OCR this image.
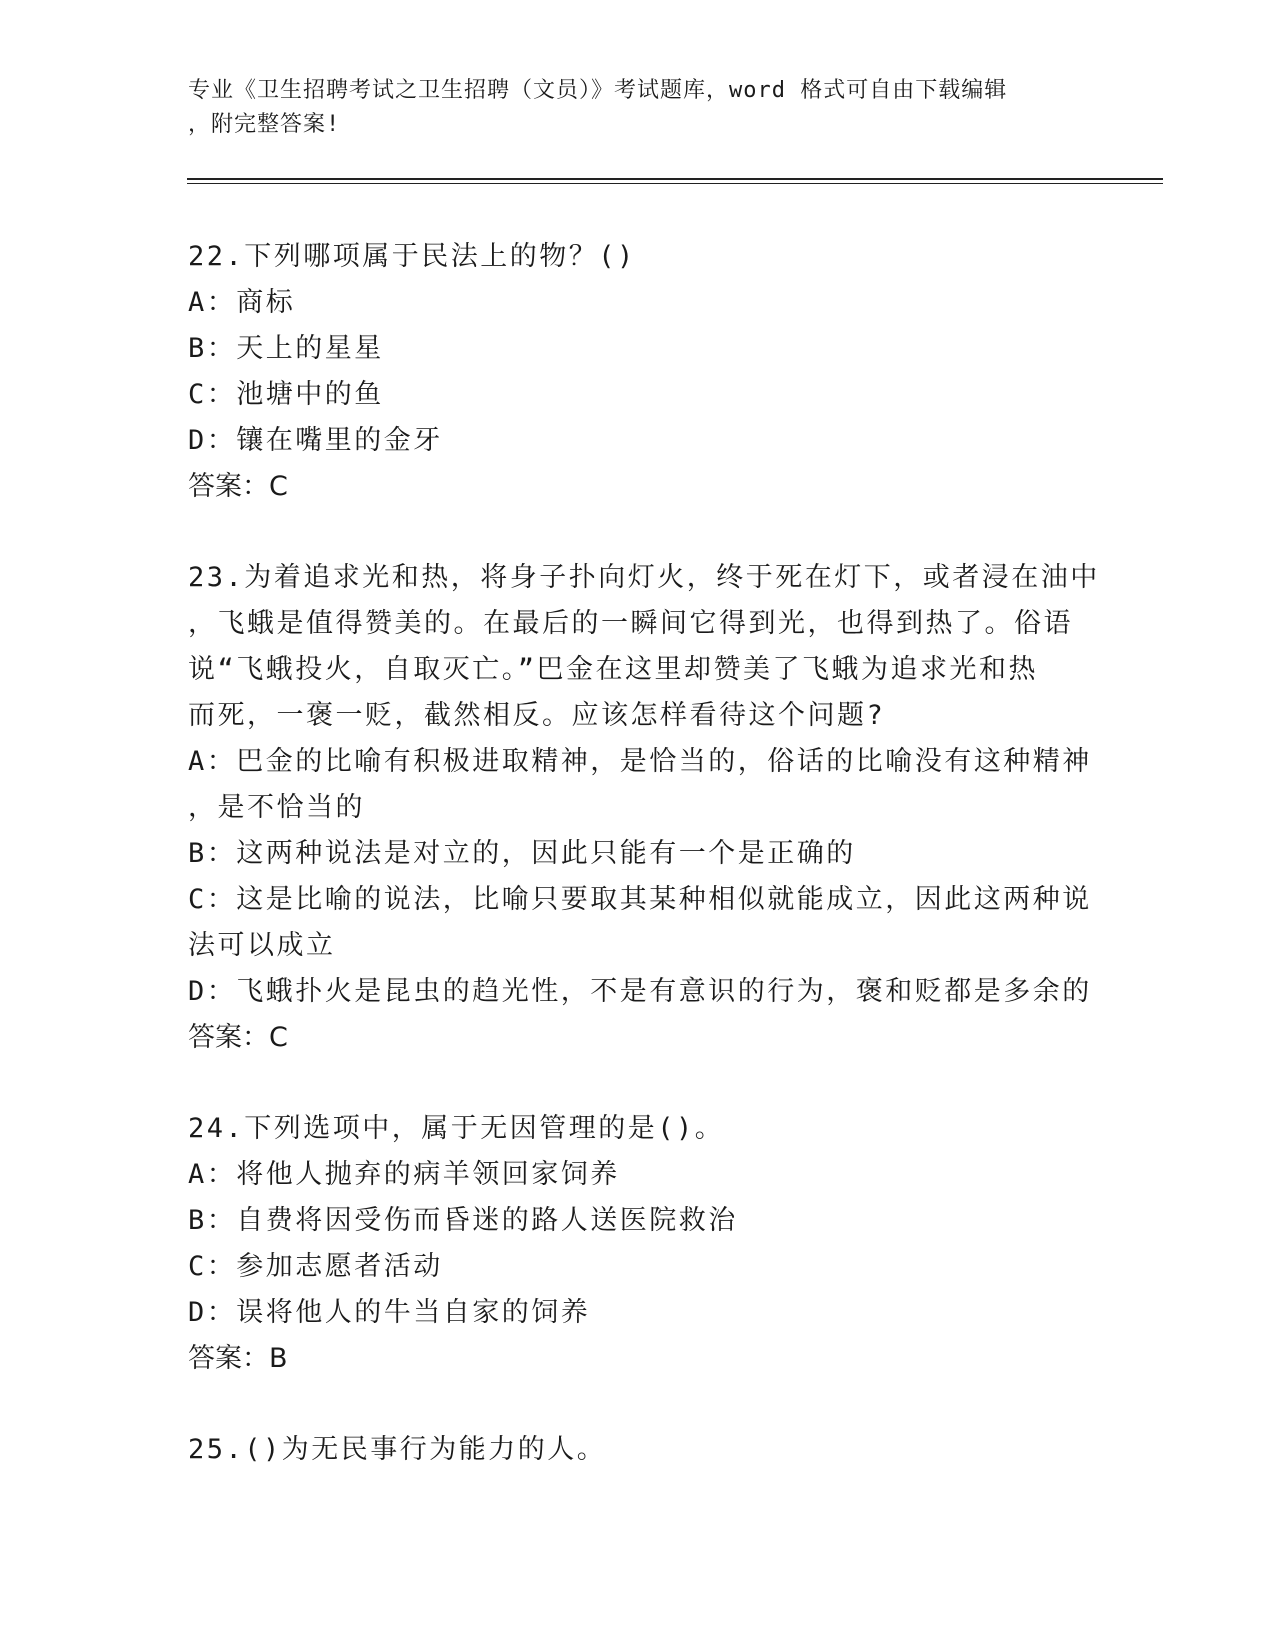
专业《卫生招聘考试之卫生招聘（文员）》考试题库，word 格式可自由下载编辑
，附完整答案!
22.下列哪项属于民法上的物？()
A：商标
B：天上的星星
C：池塘中的鱼
D：镶在嘴里的金牙
答案：C
23.为着追求光和热，将身子扑向灯火，终于死在灯下，或者浸在油中
，飞蛾是值得赞美的。在最后的一瞬间它得到光，也得到热了。俗语
说“飞蛾投火，自取灭亡。”巴金在这里却赞美了飞蛾为追求光和热
而死，一褒一贬，截然相反。应该怎样看待这个问题?
A：巴金的比喻有积极进取精神，是恰当的，俗话的比喻没有这种精神
，是不恰当的
B：这两种说法是对立的，因此只能有一个是正确的
C：这是比喻的说法，比喻只要取其某种相似就能成立，因此这两种说
法可以成立
D：飞蛾扑火是昆虫的趋光性，不是有意识的行为，褒和贬都是多余的
答案：C
24.下列选项中，属于无因管理的是()。
A：将他人抛弃的病羊领回家饲养
B：自费将因受伤而昏迷的路人送医院救治
C：参加志愿者活动
D：误将他人的牛当自家的饲养
答案：B
25.()为无民事行为能力的人。
